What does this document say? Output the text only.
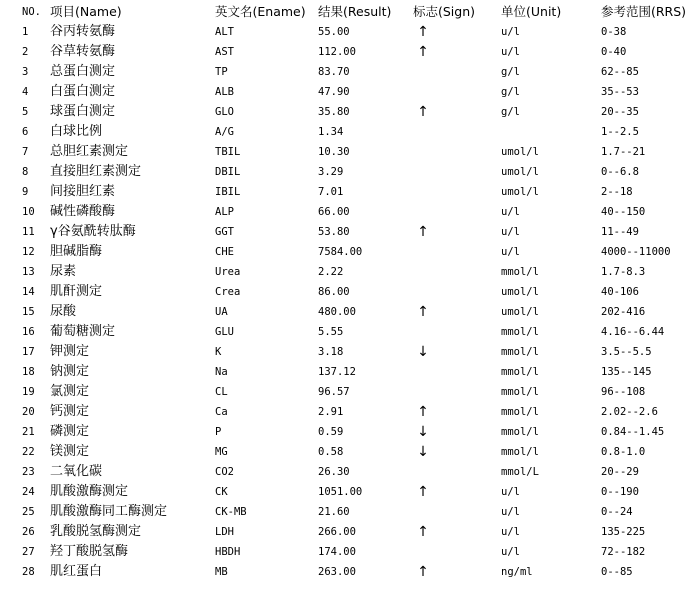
NO. 项目(Name)	英文名(Ename) 结果(Result) 标志(Sign) 单位(Unit)	参考范围(RRS)
1 谷丙转氨酶	ALT	55.00	↑	u/l	0-38
2 谷草转氨酶	AST	112.00	↑	u/l	0-40
3 总蛋白测定	TP	83.70	g/l	62--85
4 白蛋白测定	ALB	47.90	g/l	35--53
5 球蛋白测定	GLO	35.80	↑	g/l	20--35
6 白球比例	A/G	1.34	1--2.5
7 总胆红素测定	TBIL	10.30	umol/l	1.7--21
8 直接胆红素测定	DBIL	3.29	umol/l	0--6.8
9 间接胆红素	IBIL	7.01	umol/l	2--18
10 碱性磷酸酶	ALP	66.00	u/l	40--150
11 γ谷氨酰转肽酶	GGT	53.80	↑	u/l	11--49
12 胆碱脂酶	CHE	7584.00	u/l	4000--11000
13 尿素	Urea	2.22	mmol/l	1.7-8.3
14 肌酐测定	Crea	86.00	umol/l	40-106
15 尿酸	UA	480.00	↑	umol/l	202-416
16 葡萄糖测定	GLU	5.55	mmol/l	4.16--6.44
17 钾测定	K	3.18	↓	mmol/l	3.5--5.5
18 钠测定	Na	137.12	mmol/l	135--145
19 氯测定	CL	96.57	mmol/l	96--108
20 钙测定	Ca	2.91	↑	mmol/l	2.02--2.6
21 磷测定	P	0.59	↓	mmol/l	0.84--1.45
22 镁测定	MG	0.58	↓	mmol/l	0.8-1.0
23 二氧化碳	CO2	26.30	mmol/L	20--29
24 肌酸激酶测定	CK	1051.00	↑	u/l	0--190
25 肌酸激酶同工酶测定	CK-MB	21.60	u/l	0--24
26 乳酸脱氢酶测定	LDH	266.00	↑	u/l	135-225
27 羟丁酸脱氢酶	HBDH	174.00	u/l	72--182
28 肌红蛋白	MB	263.00	↑	ng/ml	0--85
